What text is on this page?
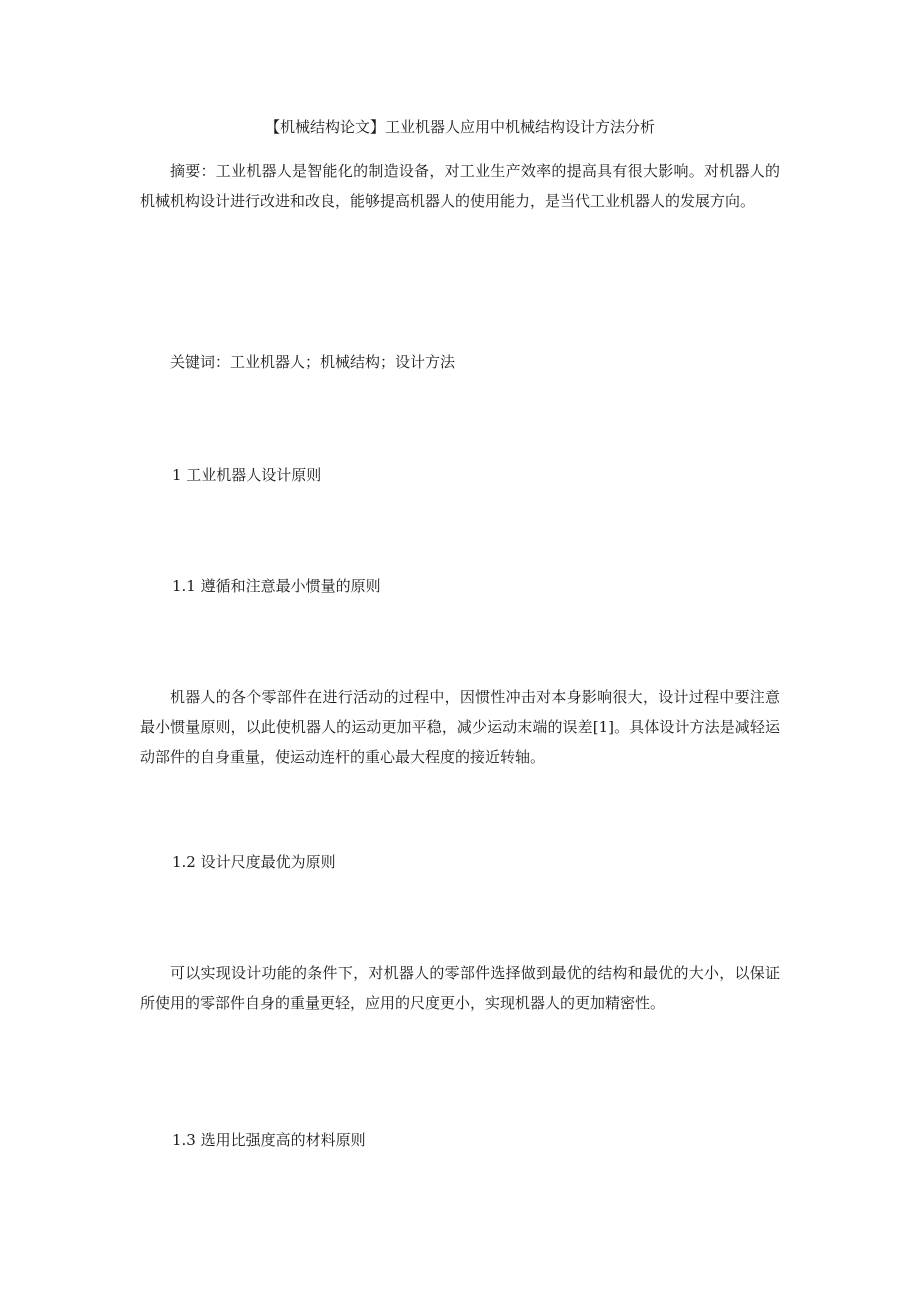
【机械结构论文】工业机器人应用中机械结构设计方法分析

摘要：工业机器人是智能化的制造设备，对工业生产效率的提高具有很大影响。对机器人的机械机构设计进行改进和改良，能够提高机器人的使用能力，是当代工业机器人的发展方向。

关键词：工业机器人；机械结构；设计方法

1 工业机器人设计原则
1.1 遵循和注意最小惯量的原则

机器人的各个零部件在进行活动的过程中，因惯性冲击对本身影响很大，设计过程中要注意最小惯量原则，以此使机器人的运动更加平稳，减少运动末端的误差[1]。具体设计方法是减轻运动部件的自身重量，使运动连杆的重心最大程度的接近转轴。

1.2 设计尺度最优为原则

可以实现设计功能的条件下，对机器人的零部件选择做到最优的结构和最优的大小，以保证所使用的零部件自身的重量更轻，应用的尺度更小，实现机器人的更加精密性。

1.3 选用比强度高的材料原则
